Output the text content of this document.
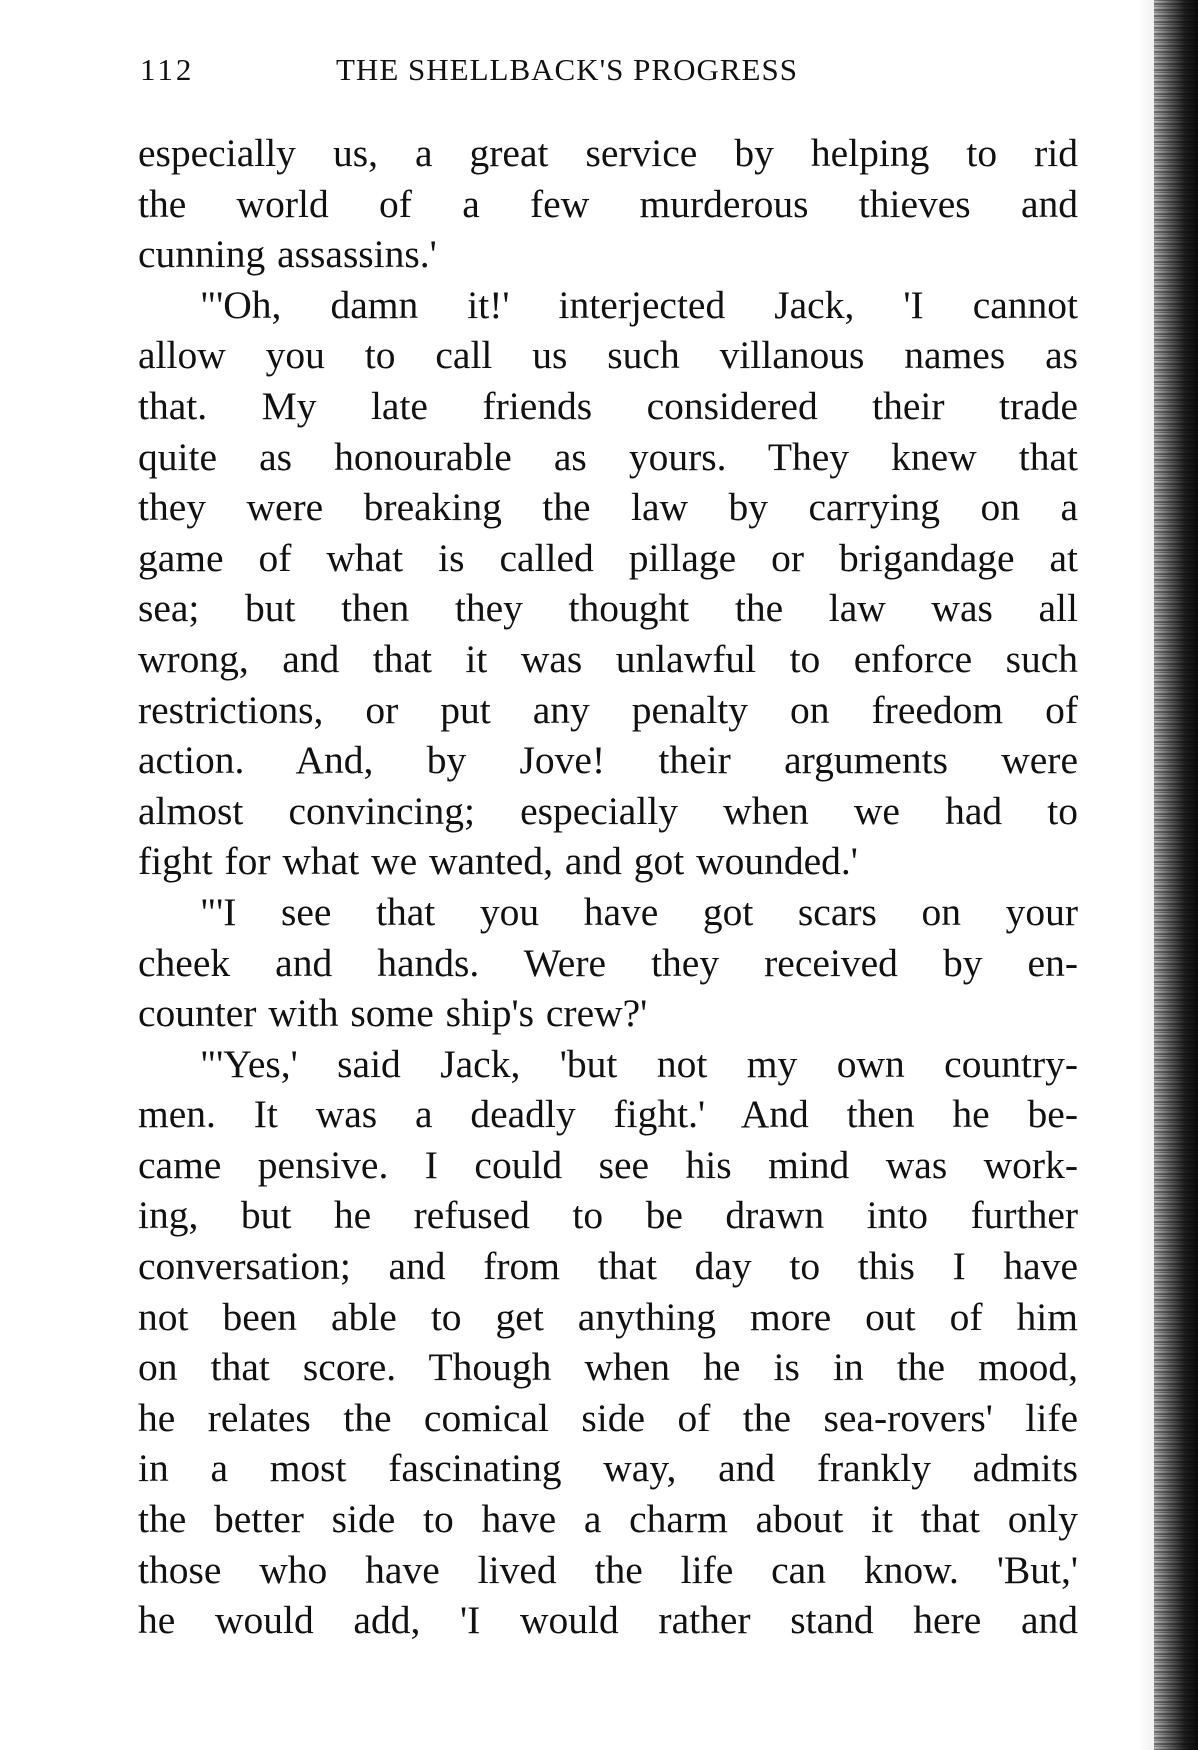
112	THE SHELLBACK'S PROGRESS
especially us, a great service by helping to rid
the world of a few murderous thieves and
cunning assassins.'
"'Oh, damn it!' interjected Jack, 'I cannot
allow you to call us such villanous names as
that. My late friends considered their trade
quite as honourable as yours. They knew that
they were breaking the law by carrying on a
game of what is called pillage or brigandage at
sea; but then they thought the law was all
wrong, and that it was unlawful to enforce such
restrictions, or put any penalty on freedom of
action. And, by Jove! their arguments were
almost convincing; especially when we had to
fight for what we wanted, and got wounded.'
"'I see that you have got scars on your
cheek and hands. Were they received by en-
counter with some ship's crew?'
"'Yes,' said Jack, 'but not my own country-
men. It was a deadly fight.' And then he be-
came pensive. I could see his mind was work-
ing, but he refused to be drawn into further
conversation; and from that day to this I have
not been able to get anything more out of him
on that score. Though when he is in the mood,
he relates the comical side of the sea-rovers' life
in a most fascinating way, and frankly admits
the better side to have a charm about it that only
those who have lived the life can know. 'But,'
he would add, 'I would rather stand here and
